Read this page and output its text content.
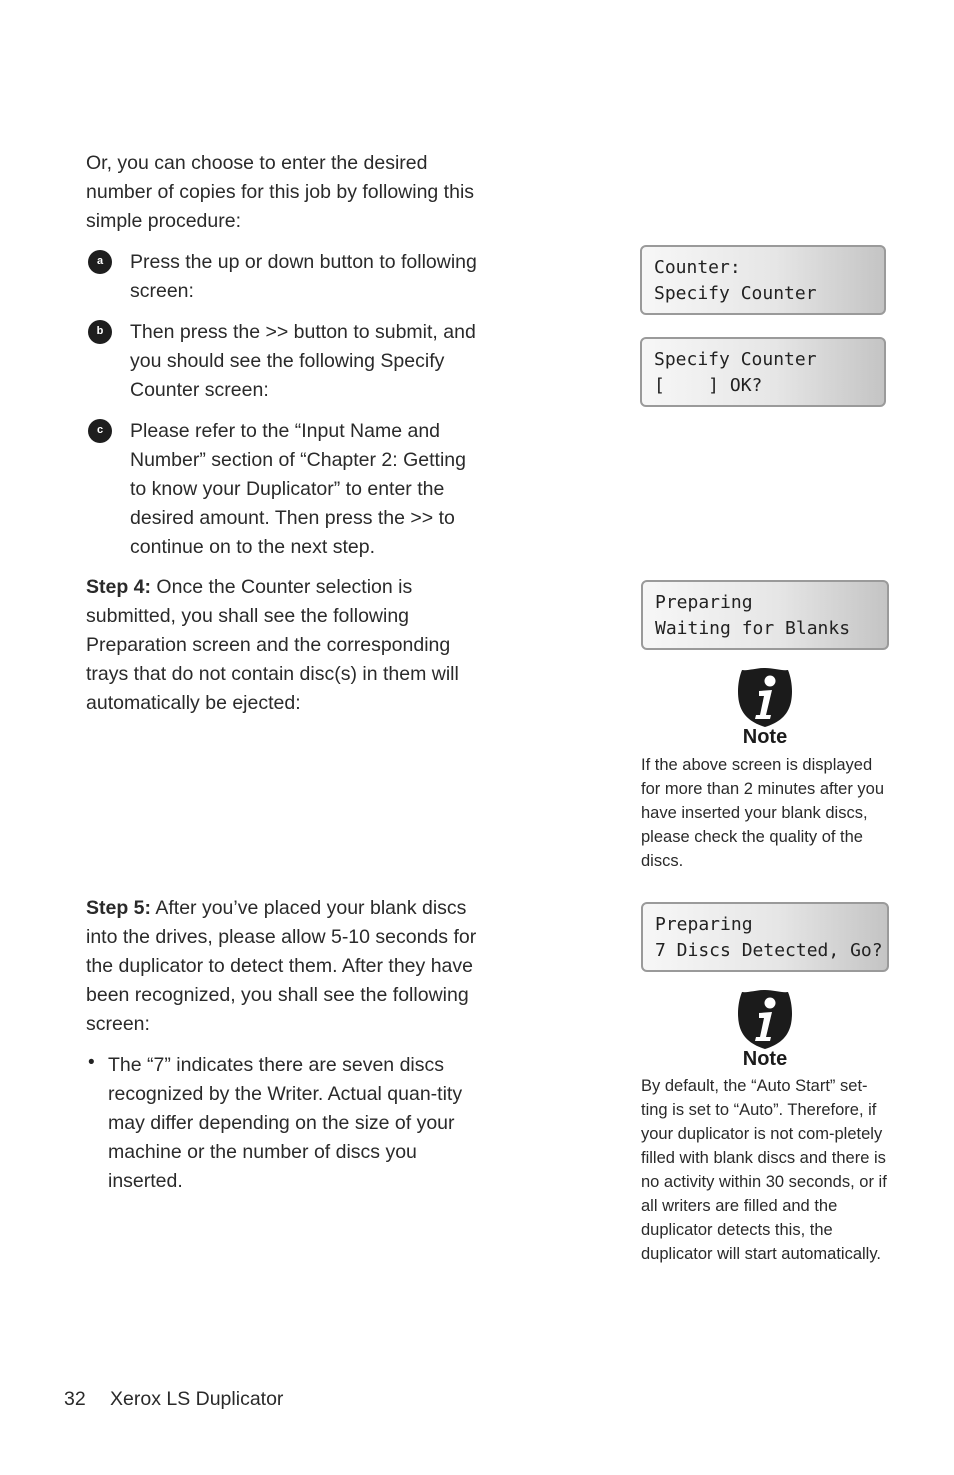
Or, you can choose to enter the desired number of copies for this job by following this simple procedure:
a	Press the up or down button to following screen:
b	Then press the >> button to submit, and you should see the following Specify Counter screen:
c	Please refer to the “Input Name and Number” section of “Chapter 2: Getting to know your Duplicator” to enter the desired amount. Then press the >> to continue on to the next step.
Step 4: Once the Counter selection is submitted, you shall see the following Preparation screen and the corresponding trays that do not contain disc(s) in them will automatically be ejected:
Step 5: After you’ve placed your blank discs into the drives, please allow 5-10 seconds for the duplicator to detect them. After they have been recognized, you shall see the following screen:
• The “7” indicates there are seven discs recognized by the Writer. Actual quan-tity may differ depending on the size of your machine or the number of discs you inserted.
Counter:
Specify Counter
Specify Counter
[    ] OK?
Preparing
Waiting for Blanks
Preparing
7 Discs Detected, Go?
Note
If the above screen is displayed for more than 2 minutes after you have inserted your blank discs, please check the quality of the discs.
Note
By default, the “Auto Start” set-ting is set to “Auto”. Therefore, if your duplicator is not com-pletely filled with blank discs and there is no activity within 30 seconds, or if all writers are filled and the duplicator detects this, the duplicator will start automatically.
32 Xerox LS Duplicator
